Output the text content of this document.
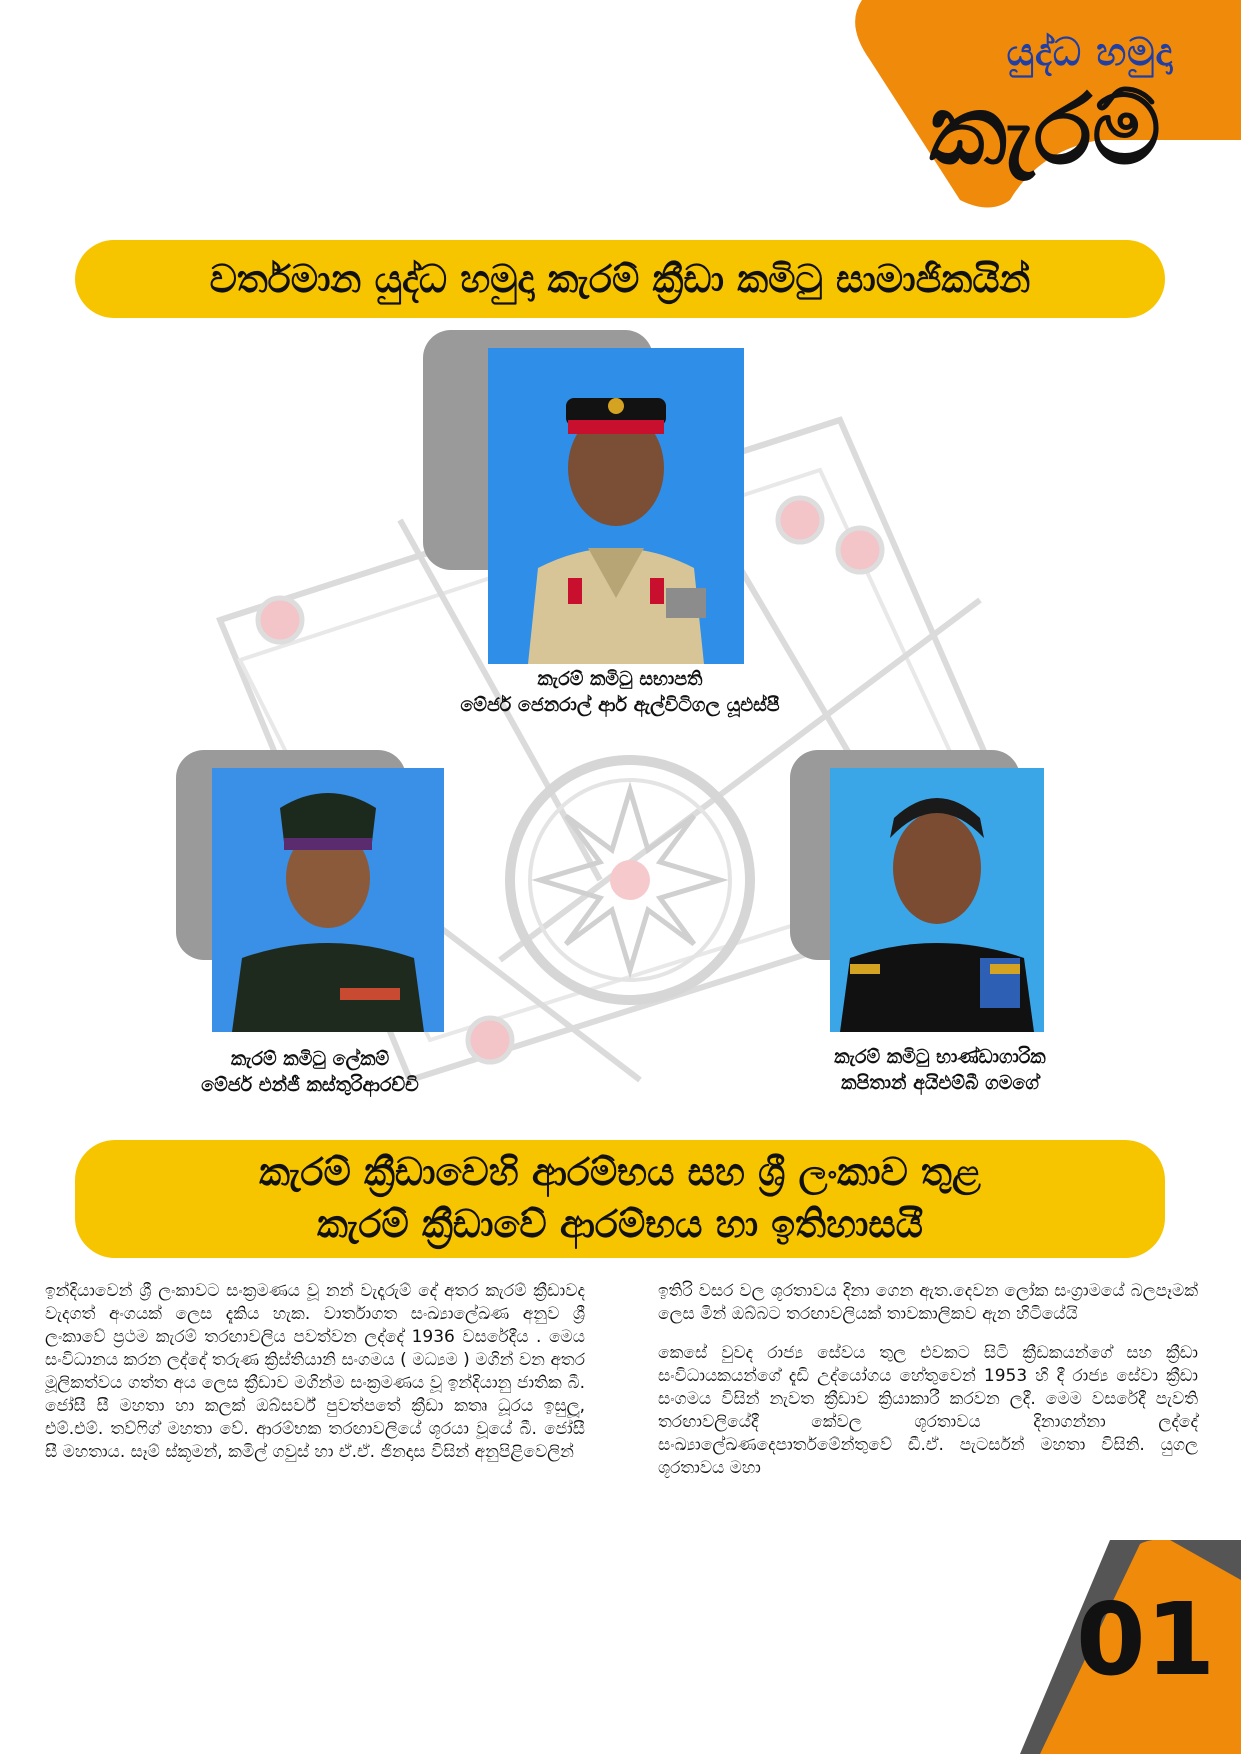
යුද්ධ හමුදා
කැරම්
වර්තමාන යුද්ධ හමුදා කැරම් ක්‍රීඩා කමිටු සාමාජිකයින්
කැරම් කමිටු සභාපති
මේජර් ජෙනරාල් ආර් ඇල්විටිගල යූඑස්පී
කැරම් කමිටු ලේකම්
මේජර් එන්ජී කස්තුරිආරච්චි
කැරම් කමිටු භාණ්ඩාගාරික
කපිතාන් අයිඑම්බී ගමගේ
කැරම් ක්‍රීඩාවෙහි ආරම්භය සහ ශ්‍රී ලංකාව තුළ
කැරම් ක්‍රීඩාවේ ආරම්භය හා ඉතිහාසයී

ඉන්දියාවෙන් ශ්‍රී ලංකාවට සංක්‍රමණය වූ නන් වැදෑරුම් දේ අතර කැරම් ක්‍රීඩාවද වැදගත් අංගයක් ලෙස දැකිය හැක. වාර්තාගත සංඛ්‍යාලේඛණ අනුව ශ්‍රී ලංකාවේ ප්‍රථම කැරම් තරඟාවලිය පවත්වන ලද්දේ 1936 වසරේදීය . මෙය සංවිධානය කරන ලද්දේ තරුණ ක්‍රිස්තියානි සංගමය ( මධ්‍යම ) මගින් වන අතර මූලිකත්වය ගත්ත අය ලෙස ක්‍රීඩාව මගින්ම සංක්‍රමණය වූ ඉන්දියානු ජාතික බී. ජෝසී සී මහතා හා කලක් ඔබ්සර්ව් පුවත්පතේ ක්‍රීඩා කතෘ ධූරය ඉසුලූ, එම්.එම්. තව්ෆිග් මහතා වේ. ආරම්භක තරඟාවලියේ ශූරයා වූයේ බී. ජෝසී සී මහතාය. සෑම් ස්කූමන්, කමිල් ගවුස් හා ඒ.ඒ. ජිනදාස විසින් අනුපිළිවෙලින්

ඉතිරි වසර වල ශූරතාවය දිනා ගෙන ඇත.දෙවන ලෝක සංග්‍රාමයේ බලපෑමක් ලෙස මින් ඔබ්බට තරඟාවලියක් තාවකාලිකව ඇන හිටියේයි

කෙසේ වුවද රාජ්‍ය සේවය තුල එවකට සිටි ක්‍රීඩකයන්ගේ සහ ක්‍රීඩා සංවිධායකයන්ගේ දැඩි උද්යෝගය හේතුවෙන් 1953 හි දී රාජ්‍ය සේවා ක්‍රීඩා සංගමය විසින් නැවත ක්‍රීඩාව ක්‍රියාකාරී කරවන ලදී. මෙම වසරේදී පැවති තරඟාවලියේදී කේවල ශූරතාවය දිනාගන්නා ලද්දේ සංඛ්‍යාලේඛණදෙපාර්තමේන්තුවේ ඩී.ඒ. පැටර්සන් මහතා විසිනි. යුගල ශූරතාවය මහා

01
